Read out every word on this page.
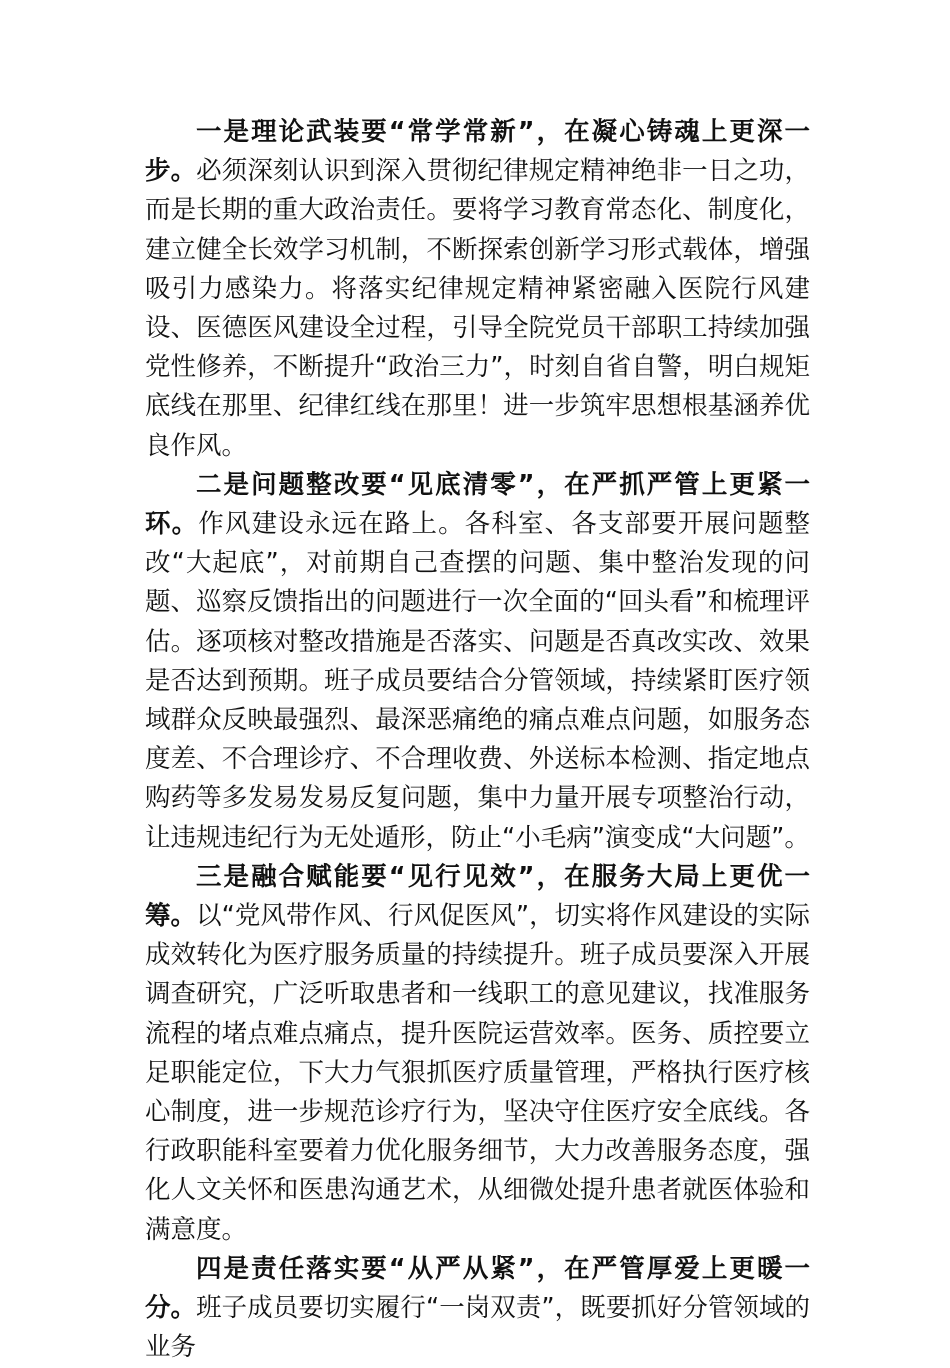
一是理论武装要“常学常新”，在凝心铸魂上更深一步。必须深刻认识到深入贯彻纪律规定精神绝非一日之功，而是长期的重大政治责任。要将学习教育常态化、制度化，建立健全长效学习机制，不断探索创新学习形式载体，增强吸引力感染力。将落实纪律规定精神紧密融入医院行风建设、医德医风建设全过程，引导全院党员干部职工持续加强党性修养，不断提升“政治三力”，时刻自省自警，明白规矩底线在那里、纪律红线在那里！进一步筑牢思想根基涵养优良作风。

二是问题整改要“见底清零”，在严抓严管上更紧一环。作风建设永远在路上。各科室、各支部要开展问题整改“大起底”，对前期自己查摆的问题、集中整治发现的问题、巡察反馈指出的问题进行一次全面的“回头看”和梳理评估。逐项核对整改措施是否落实、问题是否真改实改、效果是否达到预期。班子成员要结合分管领域，持续紧盯医疗领域群众反映最强烈、最深恶痛绝的痛点难点问题，如服务态度差、不合理诊疗、不合理收费、外送标本检测、指定地点购药等多发易发易反复问题，集中力量开展专项整治行动，让违规违纪行为无处遁形，防止“小毛病”演变成“大问题”。

三是融合赋能要“见行见效”，在服务大局上更优一筹。以“党风带作风、行风促医风”，切实将作风建设的实际成效转化为医疗服务质量的持续提升。班子成员要深入开展调查研究，广泛听取患者和一线职工的意见建议，找准服务流程的堵点难点痛点，提升医院运营效率。医务、质控要立足职能定位，下大力气狠抓医疗质量管理，严格执行医疗核心制度，进一步规范诊疗行为，坚决守住医疗安全底线。各行政职能科室要着力优化服务细节，大力改善服务态度，强化人文关怀和医患沟通艺术，从细微处提升患者就医体验和满意度。

四是责任落实要“从严从紧”，在严管厚爱上更暖一分。班子成员要切实履行“一岗双责”，既要抓好分管领域的业务
